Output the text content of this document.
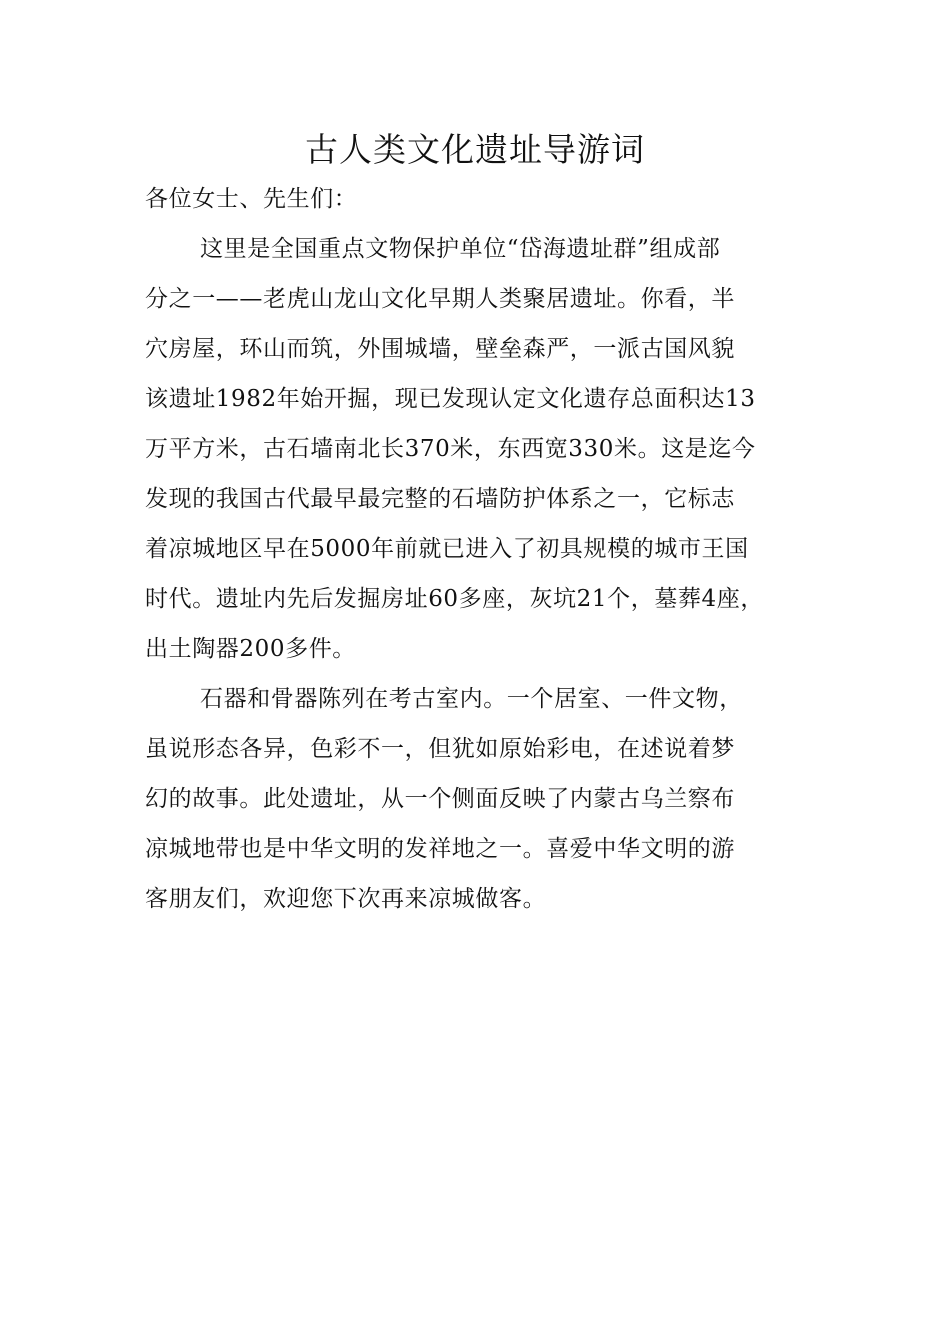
古人类文化遗址导游词
各位女士、先生们：
这里是全国重点文物保护单位“岱海遗址群”组成部
分之一——老虎山龙山文化早期人类聚居遗址。你看，半
穴房屋，环山而筑，外围城墙，壁垒森严，一派古国风貌
该遗址1982年始开掘，现已发现认定文化遗存总面积达13
万平方米，古石墙南北长370米，东西宽330米。这是迄今
发现的我国古代最早最完整的石墙防护体系之一，它标志
着凉城地区早在5000年前就已进入了初具规模的城市王国
时代。遗址内先后发掘房址60多座，灰坑21个，墓葬4座，
出土陶器200多件。
石器和骨器陈列在考古室内。一个居室、一件文物，
虽说形态各异，色彩不一，但犹如原始彩电，在述说着梦
幻的故事。此处遗址，从一个侧面反映了内蒙古乌兰察布
凉城地带也是中华文明的发祥地之一。喜爱中华文明的游
客朋友们，欢迎您下次再来凉城做客。
